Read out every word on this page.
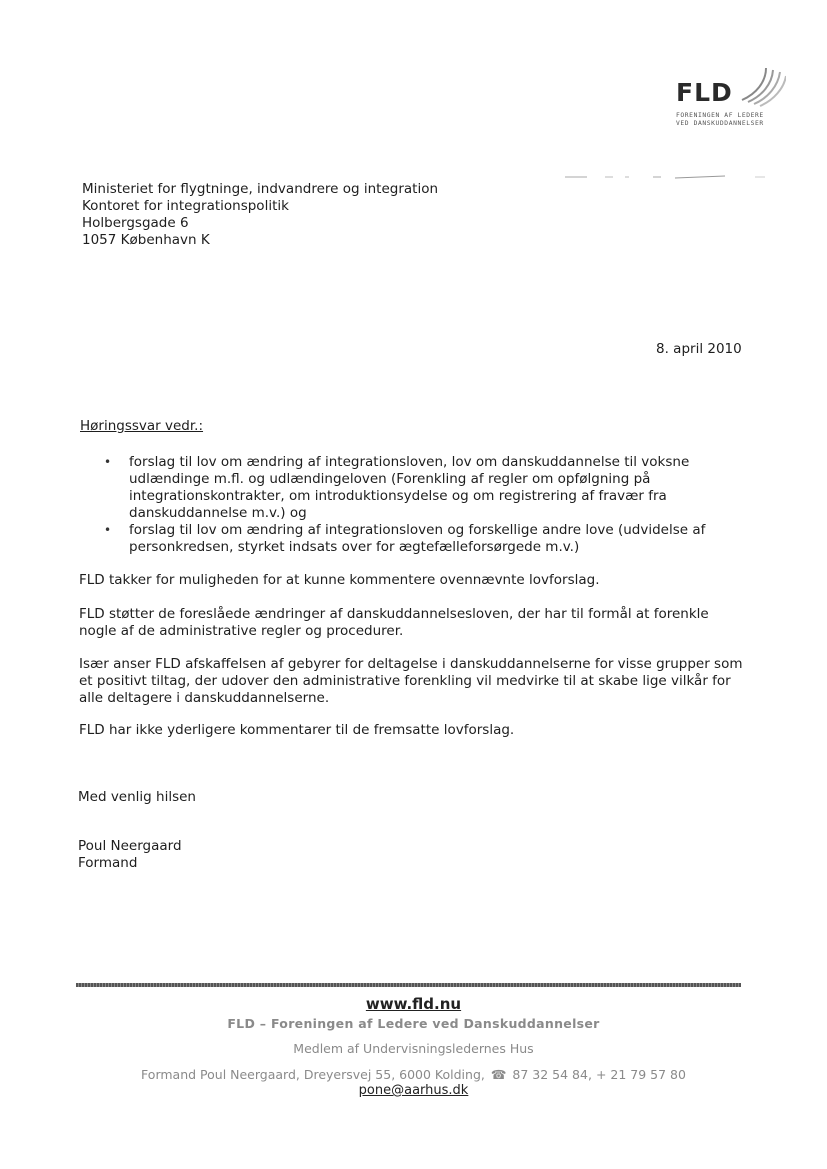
FLD
FORENINGEN AF LEDERE
VED DANSKUDDANNELSER
Ministeriet for flygtninge, indvandrere og integration
Kontoret for integrationspolitik
Holbergsgade 6
1057 København K
8. april 2010
Høringssvar vedr.:
• forslag til lov om ændring af integrationsloven, lov om danskuddannelse til voksne udlændinge m.fl. og udlændingeloven (Forenkling af regler om opfølgning på integrationskontrakter, om introduktionsydelse og om registrering af fravær fra danskuddannelse m.v.) og
• forslag til lov om ændring af integrationsloven og forskellige andre love (udvidelse af personkredsen, styrket indsats over for ægtefælleforsørgede m.v.)
FLD takker for muligheden for at kunne kommentere ovennævnte lovforslag.
FLD støtter de foreslåede ændringer af danskuddannelsesloven, der har til formål at forenkle nogle af de administrative regler og procedurer.
Især anser FLD afskaffelsen af gebyrer for deltagelse i danskuddannelserne for visse grupper som et positivt tiltag, der udover den administrative forenkling vil medvirke til at skabe lige vilkår for alle deltagere i danskuddannelserne.
FLD har ikke yderligere kommentarer til de fremsatte lovforslag.
Med venlig hilsen
Poul Neergaard
Formand
www.fld.nu
FLD – Foreningen af Ledere ved Danskuddannelser
Medlem af Undervisningsledernes Hus
Formand Poul Neergaard, Dreyersvej 55, 6000 Kolding, ☎ 87 32 54 84, + 21 79 57 80
pone@aarhus.dk
